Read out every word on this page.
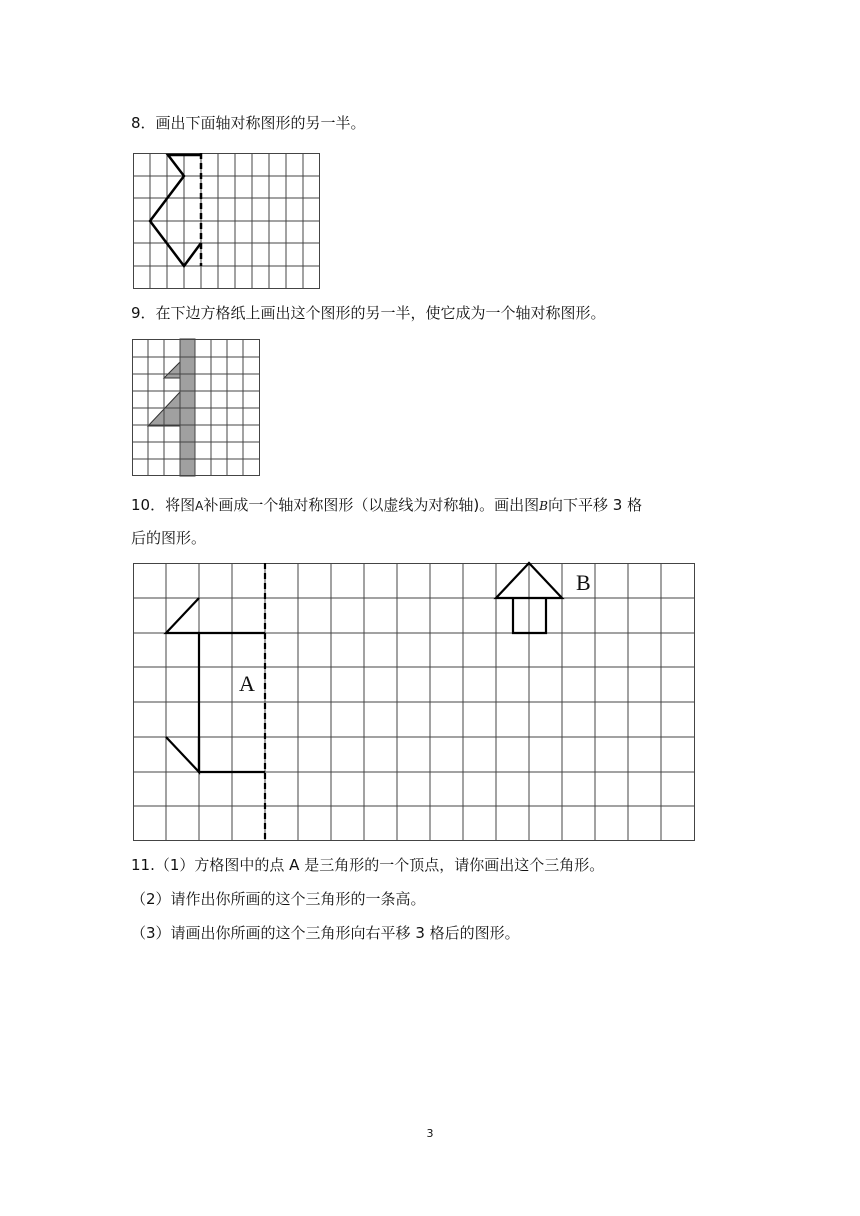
8．画出下面轴对称图形的另一半。
9．在下边方格纸上画出这个图形的另一半，使它成为一个轴对称图形。
10．将图A补画成一个轴对称图形（以虚线为对称轴)。画出图B向下平移 3 格
后的图形。
A
B
11.（1）方格图中的点 A 是三角形的一个顶点，请你画出这个三角形。
（2）请作出你所画的这个三角形的一条高。
（3）请画出你所画的这个三角形向右平移 3 格后的图形。
3
